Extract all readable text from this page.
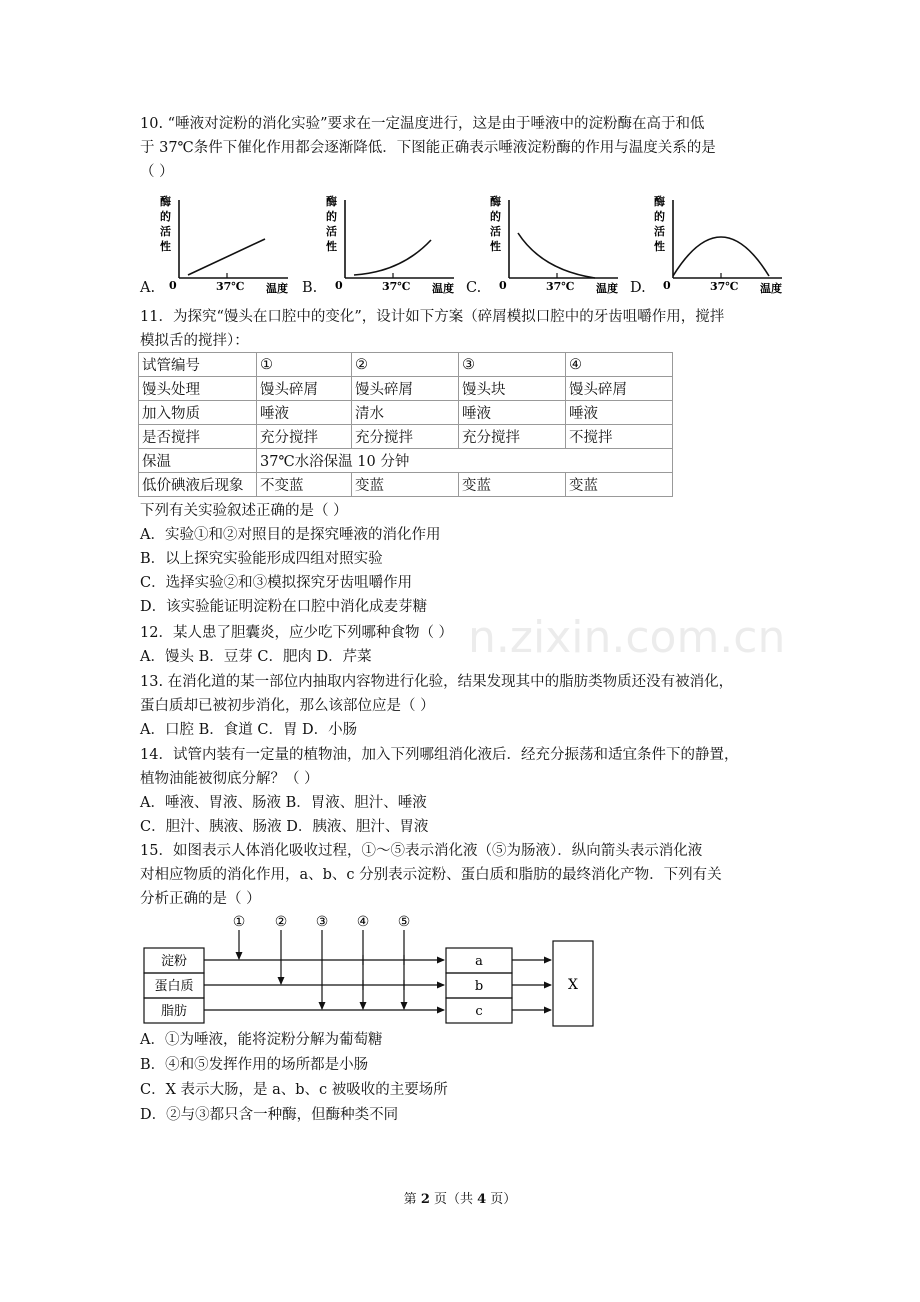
n.zixin.com.cn
10. “唾液对淀粉的消化实验”要求在一定温度进行，这是由于唾液中的淀粉酶在高于和低
于 37℃条件下催化作用都会逐渐降低．下图能正确表示唾液淀粉酶的作用与温度关系的是
（ ）
酶
的
活
性
0	37℃ 温度
酶
的
活
性
0	37℃ 温度
酶
的
活
性
0	37℃ 温度
酶
的
活
性
0	37℃ 温度
A.	B.	C.	D.
11．为探究“馒头在口腔中的变化”，设计如下方案（碎屑模拟口腔中的牙齿咀嚼作用，搅拌
模拟舌的搅拌）：
试管编号	①	②	③	④
馒头处理	馒头碎屑	馒头碎屑	馒头块	馒头碎屑
加入物质	唾液	清水	唾液	唾液
是否搅拌	充分搅拌	充分搅拌	充分搅拌	不搅拌
保温	37℃水浴保温 10 分钟			
低价碘液后现象	不变蓝	变蓝	变蓝	变蓝
下列有关实验叙述正确的是（ ）
A．实验①和②对照目的是探究唾液的消化作用
B．以上探究实验能形成四组对照实验
C．选择实验②和③模拟探究牙齿咀嚼作用
D．该实验能证明淀粉在口腔中消化成麦芽糖
12．某人患了胆囊炎，应少吃下列哪种食物（ ）
A．馒头 B．豆芽 C．肥肉 D．芹菜
13. 在消化道的某一部位内抽取内容物进行化验，结果发现其中的脂肪类物质还没有被消化，
蛋白质却已被初步消化，那么该部位应是（ ）
A．口腔 B．食道 C．胃 D．小肠
14．试管内装有一定量的植物油，加入下列哪组消化液后．经充分振荡和适宜条件下的静置，
植物油能被彻底分解？（ ）
A．唾液、胃液、肠液 B．胃液、胆汁、唾液
C．胆汁、胰液、肠液 D．胰液、胆汁、胃液
15．如图表示人体消化吸收过程，①～⑤表示消化液（⑤为肠液）．纵向箭头表示消化液
对相应物质的消化作用，a、b、c 分别表示淀粉、蛋白质和脂肪的最终消化产物．下列有关
分析正确的是（ ）
淀粉
蛋白质
脂肪
① ② ③ ④ ⑤
a
b
c
X
A．①为唾液，能将淀粉分解为葡萄糖
B．④和⑤发挥作用的场所都是小肠
C．X 表示大肠，是 a、b、c 被吸收的主要场所
D．②与③都只含一种酶，但酶种类不同
第 2 页（共 4 页）
